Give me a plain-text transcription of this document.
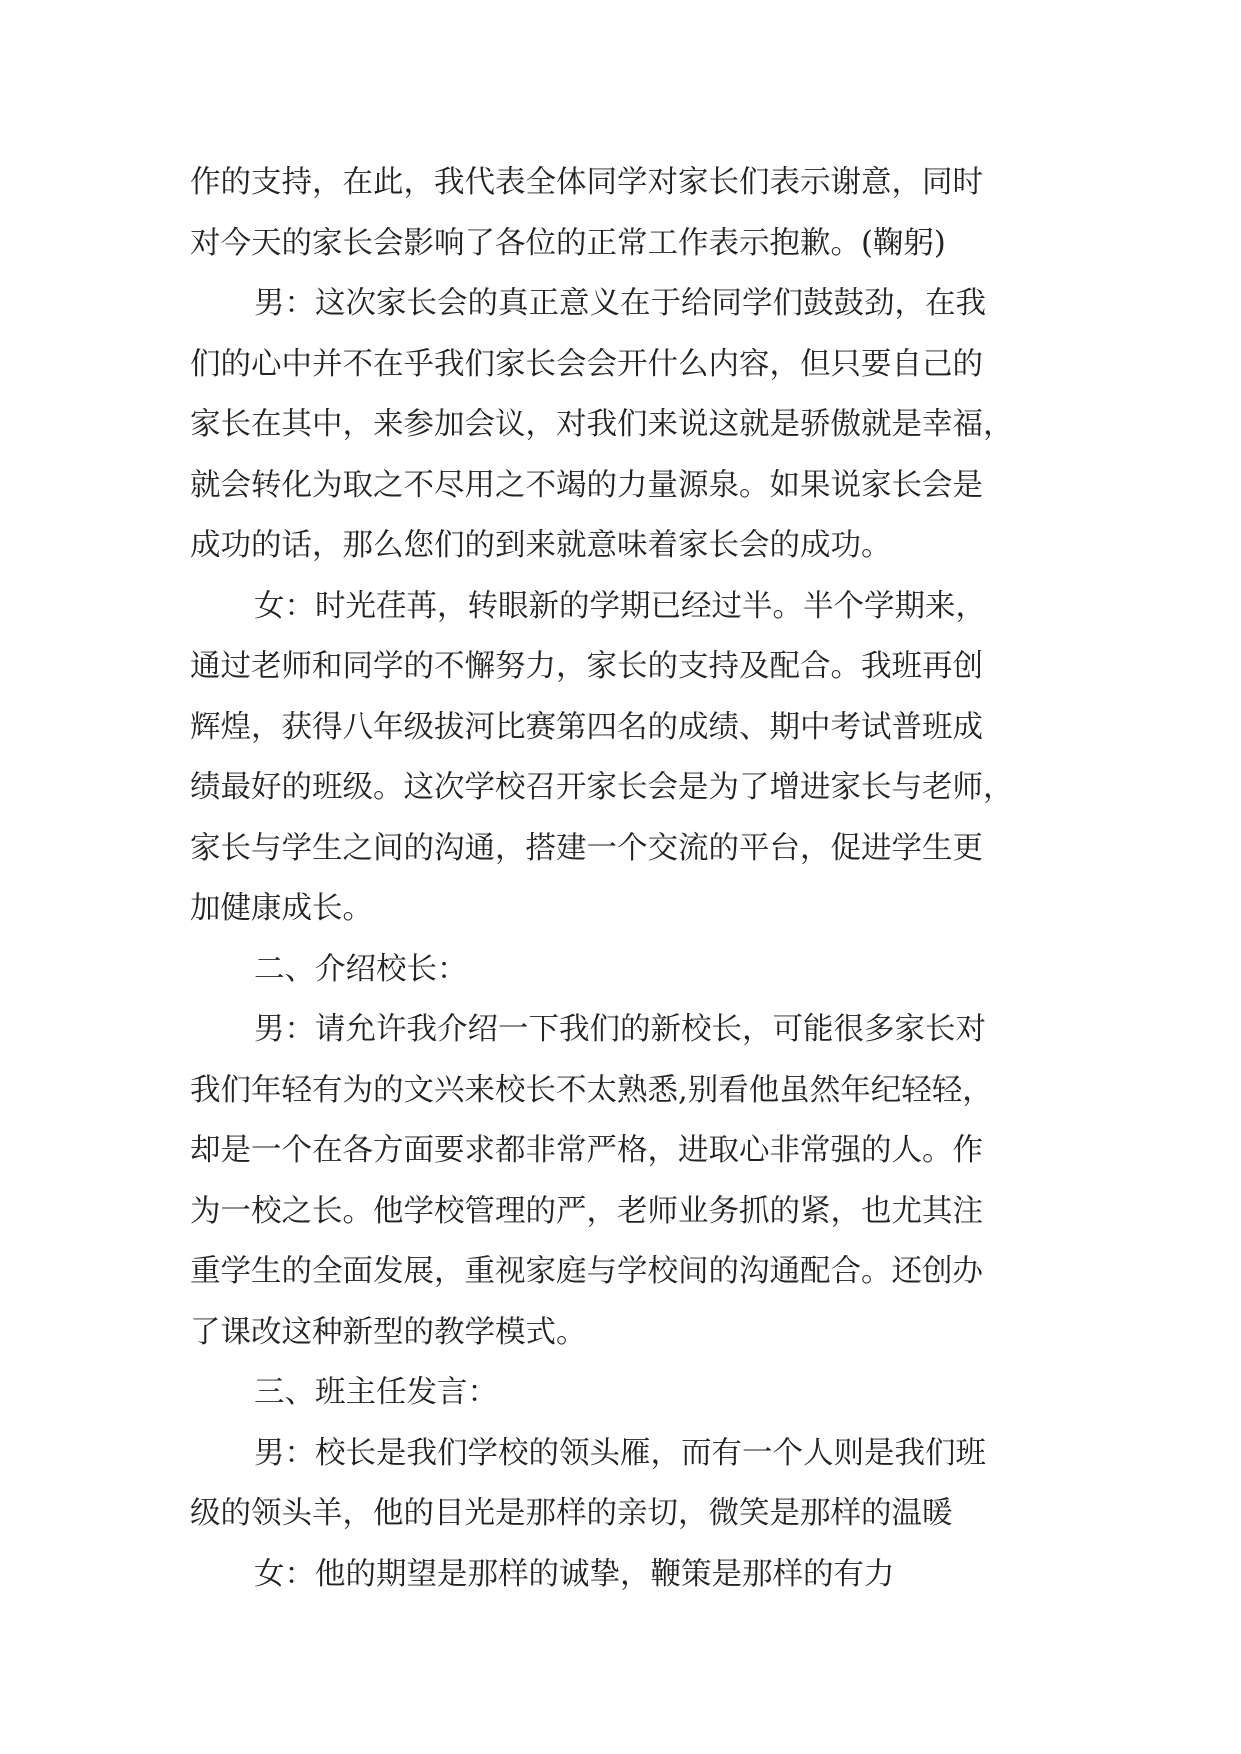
作的支持，在此，我代表全体同学对家长们表示谢意，同时
对今天的家长会影响了各位的正常工作表示抱歉。(鞠躬)
男：这次家长会的真正意义在于给同学们鼓鼓劲，在我
们的心中并不在乎我们家长会会开什么内容，但只要自己的
家长在其中，来参加会议，对我们来说这就是骄傲就是幸福，
就会转化为取之不尽用之不竭的力量源泉。如果说家长会是
成功的话，那么您们的到来就意味着家长会的成功。
女：时光荏苒，转眼新的学期已经过半。半个学期来，
通过老师和同学的不懈努力，家长的支持及配合。我班再创
辉煌，获得八年级拔河比赛第四名的成绩、期中考试普班成
绩最好的班级。这次学校召开家长会是为了增进家长与老师，
家长与学生之间的沟通，搭建一个交流的平台，促进学生更
加健康成长。
二、介绍校长：
男：请允许我介绍一下我们的新校长，可能很多家长对
我们年轻有为的文兴来校长不太熟悉,别看他虽然年纪轻轻，
却是一个在各方面要求都非常严格，进取心非常强的人。作
为一校之长。他学校管理的严，老师业务抓的紧，也尤其注
重学生的全面发展，重视家庭与学校间的沟通配合。还创办
了课改这种新型的教学模式。
三、班主任发言：
男：校长是我们学校的领头雁，而有一个人则是我们班
级的领头羊，他的目光是那样的亲切，微笑是那样的温暖
女：他的期望是那样的诚挚，鞭策是那样的有力
